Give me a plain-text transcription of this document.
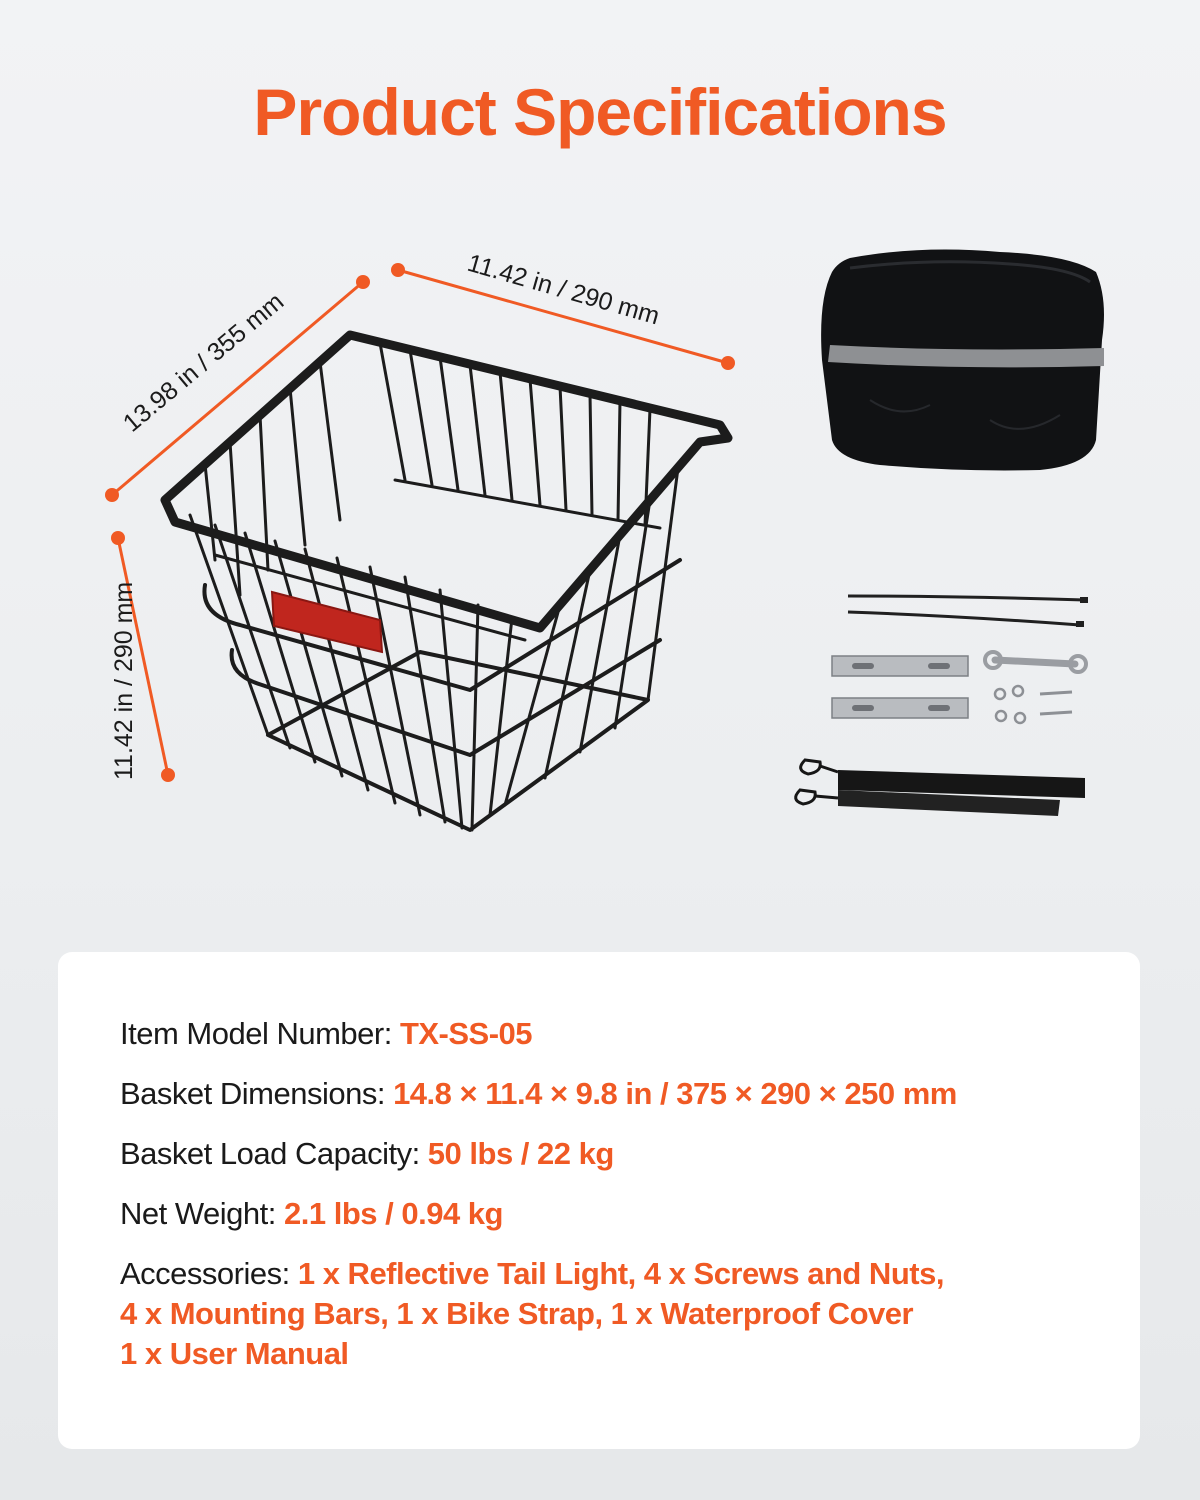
Product Specifications
11.42 in / 290 mm
13.98 in / 355 mm
11.42 in / 290 mm
Item Model Number: TX-SS-05
Basket Dimensions: 14.8 × 11.4 × 9.8 in / 375 × 290 × 250 mm
Basket Load Capacity: 50 lbs / 22 kg
Net Weight: 2.1 lbs / 0.94 kg
Accessories: 1 x Reflective Tail Light, 4 x Screws and Nuts,
4 x Mounting Bars, 1 x Bike Strap, 1 x Waterproof Cover
1 x User Manual
